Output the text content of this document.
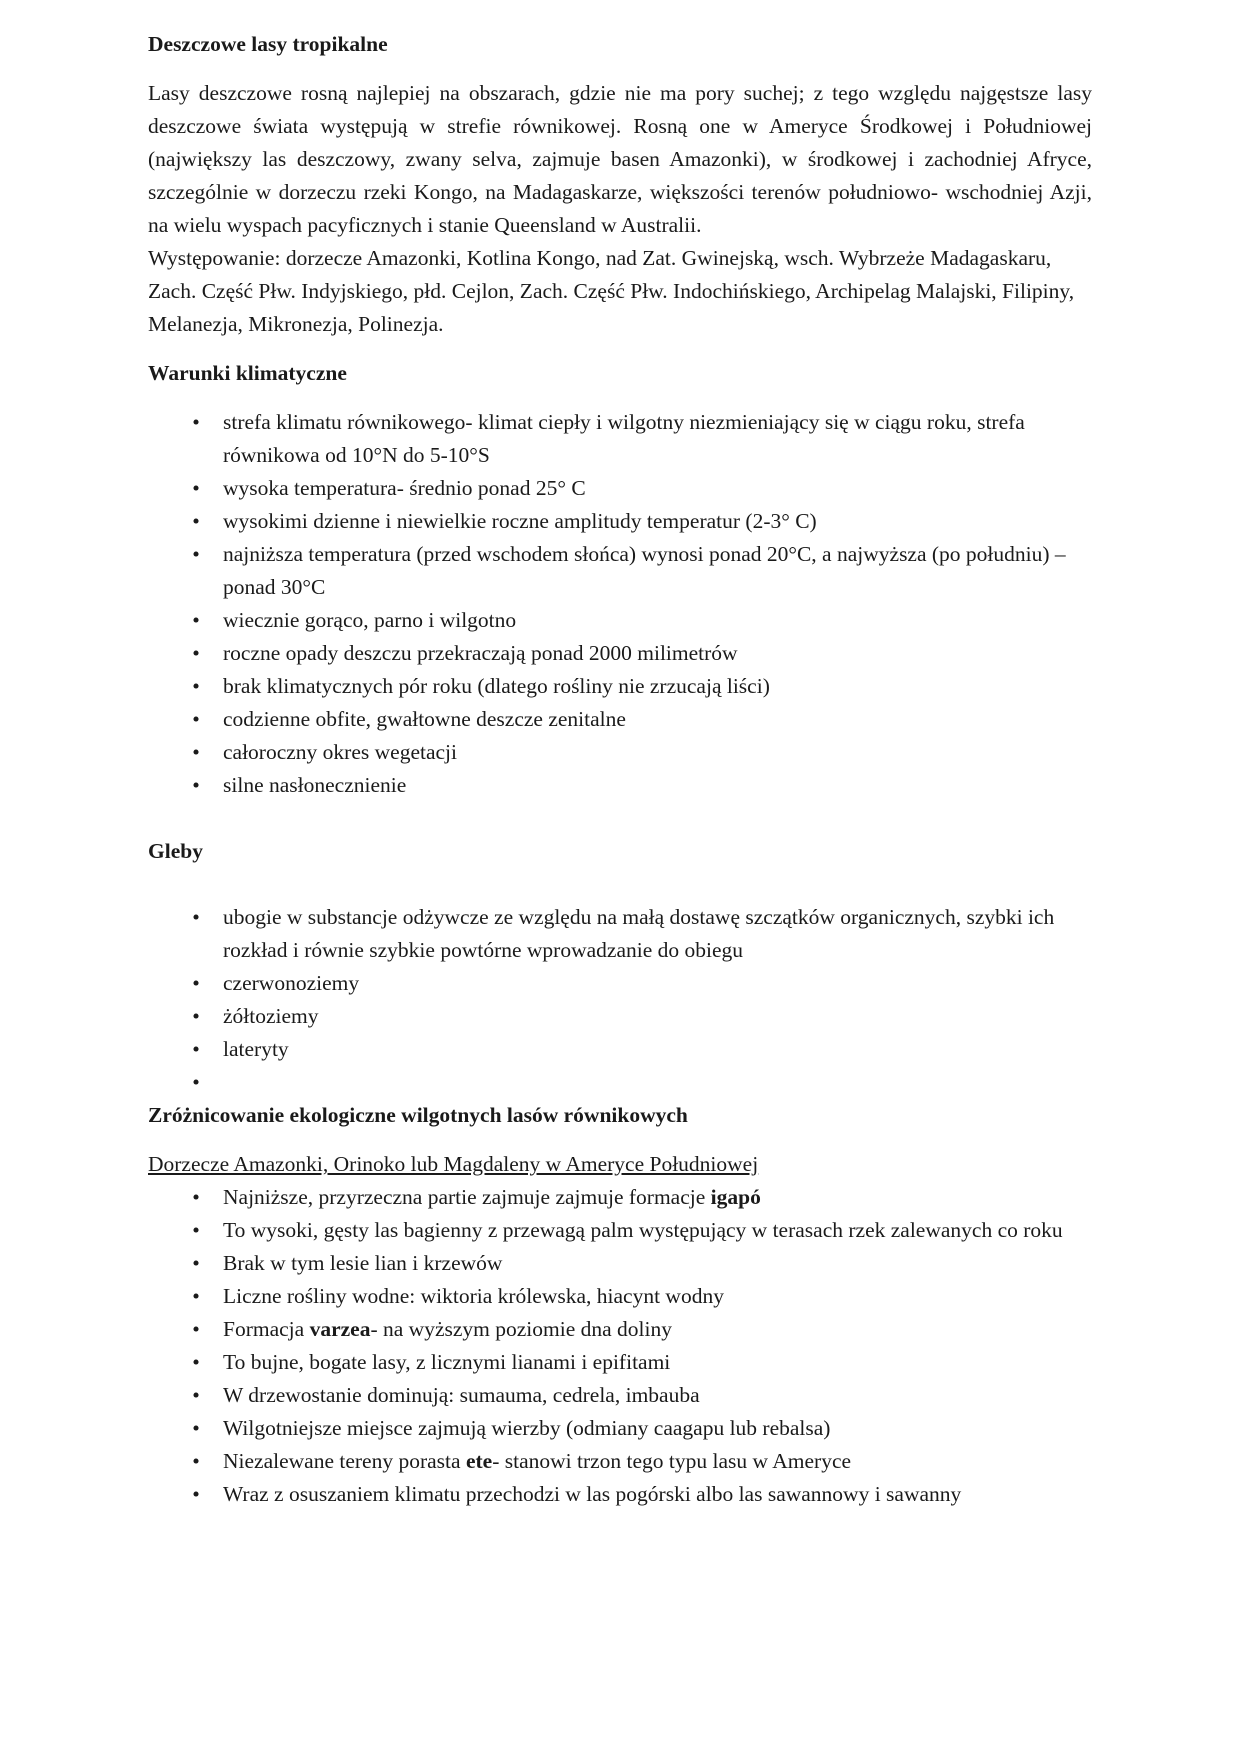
Deszczowe lasy tropikalne

Lasy deszczowe rosną najlepiej na obszarach, gdzie nie ma pory suchej; z tego względu najgęstsze lasy deszczowe świata występują w strefie równikowej. Rosną one w Ameryce Środkowej i Południowej (największy las deszczowy, zwany selva, zajmuje basen Amazonki), w środkowej i zachodniej Afryce, szczególnie w dorzeczu rzeki Kongo, na Madagaskarze, większości terenów południowo- wschodniej Azji, na wielu wyspach pacyficznych i stanie Queensland w Australii.

Występowanie: dorzecze Amazonki, Kotlina Kongo, nad Zat. Gwinejską, wsch. Wybrzeże Madagaskaru, Zach. Część Płw. Indyjskiego, płd. Cejlon, Zach. Część Płw. Indochińskiego, Archipelag Malajski, Filipiny, Melanezja, Mikronezja, Polinezja.

Warunki klimatyczne

• strefa klimatu równikowego- klimat ciepły i wilgotny niezmieniający się w ciągu roku, strefa równikowa od 10°N do 5-10°S
• wysoka temperatura- średnio ponad 25° C
• wysokimi dzienne i niewielkie roczne amplitudy temperatur (2-3° C)
• najniższa temperatura (przed wschodem słońca) wynosi ponad 20°C, a najwyższa (po południu) – ponad 30°C
• wiecznie gorąco, parno i wilgotno
• roczne opady deszczu przekraczają ponad 2000 milimetrów
• brak klimatycznych pór roku (dlatego rośliny nie zrzucają liści)
• codzienne obfite, gwałtowne deszcze zenitalne
• całoroczny okres wegetacji
• silne nasłonecznienie

Gleby

• ubogie w substancje odżywcze ze względu na małą dostawę szczątków organicznych, szybki ich rozkład i równie szybkie powtórne wprowadzanie do obiegu
• czerwonoziemy
• żółtoziemy
• lateryty
•

Zróżnicowanie ekologiczne wilgotnych lasów równikowych

Dorzecze Amazonki, Orinoko lub Magdaleny w Ameryce Południowej

• Najniższe, przyrzeczna partie zajmuje zajmuje formacje igapó
• To wysoki, gęsty las bagienny z przewagą palm występujący w terasach rzek zalewanych co roku
• Brak w tym lesie lian i krzewów
• Liczne rośliny wodne: wiktoria królewska, hiacynt wodny
• Formacja varzea- na wyższym poziomie dna doliny
• To bujne, bogate lasy, z licznymi lianami i epifitami
• W drzewostanie dominują: sumauma, cedrela, imbauba
• Wilgotniejsze miejsce zajmują wierzby (odmiany caagapu lub rebalsa)
• Niezalewane tereny porasta ete- stanowi trzon tego typu lasu w Ameryce
• Wraz z osuszaniem klimatu przechodzi w las pogórski albo las sawannowy i sawanny
